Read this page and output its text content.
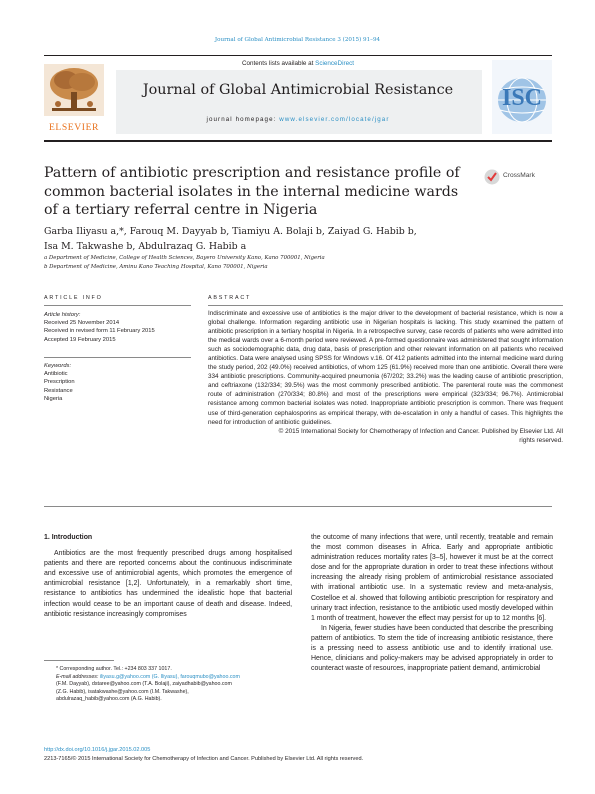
Journal of Global Antimicrobial Resistance 3 (2015) 91–94
Contents lists available at ScienceDirect
Journal of Global Antimicrobial Resistance
journal homepage: www.elsevier.com/locate/jgar
ELSEVIER
ISC
Pattern of antibiotic prescription and resistance profile of common bacterial isolates in the internal medicine wards of a tertiary referral centre in Nigeria
CrossMark
Garba Iliyasu a,*, Farouq M. Dayyab b, Tiamiyu A. Bolaji b, Zaiyad G. Habib b,
Isa M. Takwashe b, Abdulrazaq G. Habib a
a Department of Medicine, College of Health Sciences, Bayero University Kano, Kano 700001, Nigeria
b Department of Medicine, Aminu Kano Teaching Hospital, Kano 700001, Nigeria
ARTICLE INFO
Article history:
Received 25 November 2014
Received in revised form 11 February 2015
Accepted 19 February 2015
Keywords:
Antibiotic
Prescription
Resistance
Nigeria
ABSTRACT
Indiscriminate and excessive use of antibiotics is the major driver to the development of bacterial resistance, which is now a global challenge. Information regarding antibiotic use in Nigerian hospitals is lacking. This study examined the pattern of antibiotic prescription in a tertiary hospital in Nigeria. In a retrospective survey, case records of patients who were admitted into the medical wards over a 6-month period were reviewed. A pre-formed questionnaire was administered that sought information such as sociodemographic data, drug data, basis of prescription and other relevant information on all patients who received antibiotics. Data were analysed using SPSS for Windows v.16. Of 412 patients admitted into the internal medicine ward during the study period, 202 (49.0%) received antibiotics, of whom 125 (61.9%) received more than one antibiotic. Overall there were 334 antibiotic prescriptions. Community-acquired pneumonia (67/202; 33.2%) was the leading cause of antibiotic prescription, and ceftriaxone (132/334; 39.5%) was the most commonly prescribed antibiotic. The parenteral route was the commonest route of administration (270/334; 80.8%) and most of the prescriptions were empirical (323/334; 96.7%). Antimicrobial resistance among common bacterial isolates was noted. Inappropriate antibiotic prescription is common. There was frequent use of third-generation cephalosporins as empirical therapy, with de-escalation in only a handful of cases. This highlights the need for introduction of antibiotic guidelines.
© 2015 International Society for Chemotherapy of Infection and Cancer. Published by Elsevier Ltd. All rights reserved.
1. Introduction

Antibiotics are the most frequently prescribed drugs among hospitalised patients and there are reported concerns about the continuous indiscriminate and excessive use of antimicrobial agents, which promotes the emergence of antimicrobial resistance [1,2]. Unfortunately, in a remarkably short time, resistance to antibiotics has undermined the idealistic hope that bacterial infection would cease to be an important cause of death and disease. Indeed, antibiotic resistance increasingly compromises

* Corresponding author. Tel.: +234 803 337 1017.
E-mail addresses: iliyasu.g@yahoo.com (G. Iliyasu), farouqmubo@yahoo.com
(F.M. Dayyab), dstaree@yahoo.com (T.A. Bolaji), zaiyadhabib@yahoo.com
(Z.G. Habib), isatakwashe@yahoo.com (I.M. Takwashe),
abdulrazaq_habib@yahoo.com (A.G. Habib).

the outcome of many infections that were, until recently, treatable and remain the most common diseases in Africa. Early and appropriate antibiotic administration reduces mortality rates [3–5], however it must be at the correct dose and for the appropriate duration in order to treat these infections without increasing the already rising problem of antimicrobial resistance associated with irrational antibiotic use. In a systematic review and meta-analysis, Costelloe et al. showed that following antibiotic prescription for respiratory and urinary tract infection, resistance to the antibiotic used mostly developed within 1 month of treatment, however the effect may persist for up to 12 months [6].

In Nigeria, fewer studies have been conducted that describe the prescribing pattern of antibiotics. To stem the tide of increasing antibiotic resistance, there is a pressing need to assess antibiotic use and to identify irrational use. Hence, clinicians and policy-makers may be advised appropriately in order to counteract waste of resources, inappropriate patient demand, antimicrobial

http://dx.doi.org/10.1016/j.jgar.2015.02.005
2213-7165/© 2015 International Society for Chemotherapy of Infection and Cancer. Published by Elsevier Ltd. All rights reserved.
